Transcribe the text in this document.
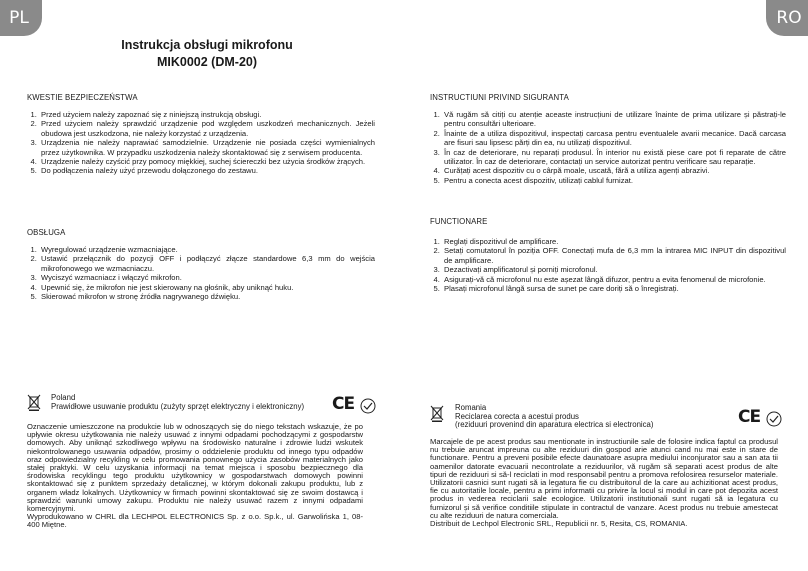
PL	RO
Instrukcja obsługi mikrofonu
MIK0002 (DM-20)
KWESTIE BEZPIECZEŃSTWA
1. Przed użyciem należy zapoznać się z niniejszą instrukcją obsługi.
2. Przed użyciem należy sprawdzić urządzenie pod względem uszkodzeń mechanicznych. Jeżeli obudowa jest uszkodzona, nie należy korzystać z urządzenia.
3. Urządzenia nie należy naprawiać samodzielnie. Urządzenie nie posiada części wymienialnych przez użytkownika. W przypadku uszkodzenia należy skontaktować się z serwisem producenta.
4. Urządzenie należy czyścić przy pomocy miękkiej, suchej ściereczki bez użycia środków żrących.
5. Do podłączenia należy użyć przewodu dołączonego do zestawu.
OBSŁUGA
1. Wyregulować urządzenie wzmacniające.
2. Ustawić przełącznik do pozycji OFF i podłączyć złącze standardowe 6,3 mm do wejścia mikrofonowego we wzmacniaczu.
3. Wyciszyć wzmacniacz i włączyć mikrofon.
4. Upewnić się, że mikrofon nie jest skierowany na głośnik, aby uniknąć huku.
5. Skierować mikrofon w stronę źródła nagrywanego dźwięku.
Poland
Prawidłowe usuwanie produktu (zużyty sprzęt elektryczny i elektroniczny)	CE

Oznaczenie umieszczone na produkcie lub w odnoszących się do niego tekstach wskazuje, że po upływie okresu użytkowania nie należy usuwać z innymi odpadami pochodzącymi z gospodarstw domowych. Aby uniknąć szkodliwego wpływu na środowisko naturalne i zdrowie ludzi wskutek niekontrolowanego usuwania odpadów, prosimy o oddzielenie produktu od innego typu odpadów oraz odpowiedzialny recykling w celu promowania ponownego użycia zasobów materialnych jako stałej praktyki. W celu uzyskania informacji na temat miejsca i sposobu bezpiecznego dla środowiska recyklingu tego produktu użytkownicy w gospodarstwach domowych powinni skontaktować się z punktem sprzedaży detalicznej, w którym dokonali zakupu produktu, lub z organem władz lokalnych. Użytkownicy w firmach powinni skontaktować się ze swoim dostawcą i sprawdzić warunki umowy zakupu. Produktu nie należy usuwać razem z innymi odpadami komercyjnymi.

Wyprodukowano w CHRL dla LECHPOL ELECTRONICS Sp. z o.o. Sp.k., ul. Garwolińska 1, 08-400 Miętne.

INSTRUCTIUNI PRIVIND SIGURANTA
1. Vă rugăm să citiți cu atenție aceaste instrucțiuni de utilizare înainte de prima utilizare și păstrați-le pentru consultări ulterioare.
2. Înainte de a utiliza dispozitivul, inspectați carcasa pentru eventualele avarii mecanice. Dacă carcasa are fisuri sau lipsesc părți din ea, nu utilizați dispozitivul.
3. În caz de deteriorare, nu reparați produsul. În interior nu există piese care pot fi reparate de către utilizator. În caz de deteriorare, contactați un service autorizat pentru verificare sau reparație.
4. Curățați acest dispozitiv cu o cârpă moale, uscată, fără a utiliza agenți abrazivi.
5. Pentru a conecta acest dispozitiv, utilizați cablul furnizat.
FUNCTIONARE
1. Reglați dispozitivul de amplificare.
2. Setați comutatorul în poziția OFF. Conectați mufa de 6,3 mm la intrarea MIC INPUT din dispozitivul de amplificare.
3. Dezactivați amplificatorul și porniți microfonul.
4. Asigurați-vă că microfonul nu este așezat lângă difuzor, pentru a evita fenomenul de microfonie.
5. Plasați microfonul lângă sursa de sunet pe care doriți să o înregistrați.
Romania
Reciclarea corecta a acestui produs
(reziduuri provenind din aparatura electrica si electronica)	CE

Marcajele de pe acest produs sau mentionate in instructiunile sale de folosire indica faptul ca produsul nu trebuie aruncat impreuna cu alte reziduuri din gospod arie atunci cand nu mai este in stare de functionare. Pentru a preveni posibile efecte daunatoare asupra mediului inconjurator sau a san ata tii oamenilor datorate evacuarii necontrolate a reziduurilor, vă rugăm să separati acest produs de alte tipuri de reziduuri si să-l reciclati in mod responsabil pentru a promova refolosirea resurselor materiale. Utilizatorii casnici sunt rugati să ia legatura fie cu distribuitorul de la care au achizitionat acest produs, fie cu autoritatile locale, pentru a primi informatii cu privire la locul si modul in care pot depozita acest produs in vederea reciclarii sale ecologice. Utilizatorii institutionali sunt rugati să ia legatura cu furnizorul și să verifice conditiile stipulate in contractul de vanzare. Acest produs nu trebuie amestecat cu alte reziduuri de natura comerciala.

Distribuit de Lechpol Electronic SRL, Republicii nr. 5, Resita, CS, ROMANIA.
